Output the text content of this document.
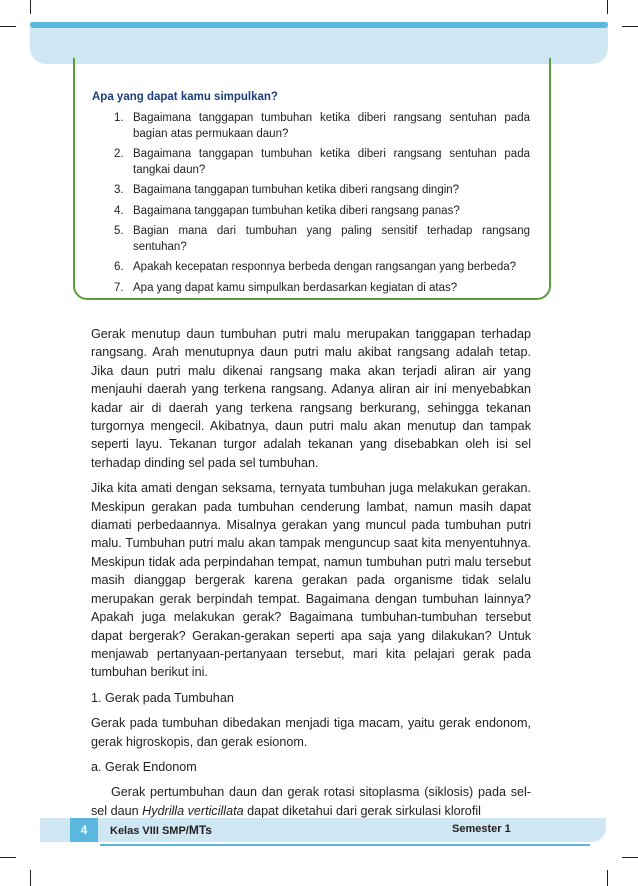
Apa yang dapat kamu simpulkan?
1. Bagaimana tanggapan tumbuhan ketika diberi rangsang sentuhan pada bagian atas permukaan daun?
2. Bagaimana tanggapan tumbuhan ketika diberi rangsang sentuhan pada tangkai daun?
3. Bagaimana tanggapan tumbuhan ketika diberi rangsang dingin?
4. Bagaimana tanggapan tumbuhan ketika diberi rangsang panas?
5. Bagian mana dari tumbuhan yang paling sensitif terhadap rangsang sentuhan?
6. Apakah kecepatan responnya berbeda dengan rangsangan yang berbeda?
7. Apa yang dapat kamu simpulkan berdasarkan kegiatan di atas?

Gerak menutup daun tumbuhan putri malu merupakan tanggapan terhadap rangsang. Arah menutupnya daun putri malu akibat rangsang adalah tetap. Jika daun putri malu dikenai rangsang maka akan terjadi aliran air yang menjauhi daerah yang terkena rangsang. Adanya aliran air ini menyebabkan kadar air di daerah yang terkena rangsang berkurang, sehingga tekanan turgornya mengecil. Akibatnya, daun putri malu akan menutup dan tampak seperti layu. Tekanan turgor adalah tekanan yang disebabkan oleh isi sel terhadap dinding sel pada sel tumbuhan.

Jika kita amati dengan seksama, ternyata tumbuhan juga melakukan gerakan. Meskipun gerakan pada tumbuhan cenderung lambat, namun masih dapat diamati perbedaannya. Misalnya gerakan yang muncul pada tumbuhan putri malu. Tumbuhan putri malu akan tampak menguncup saat kita menyentuhnya. Meskipun tidak ada perpindahan tempat, namun tumbuhan putri malu tersebut masih dianggap bergerak karena gerakan pada organisme tidak selalu merupakan gerak berpindah tempat. Bagaimana dengan tumbuhan lainnya? Apakah juga melakukan gerak? Bagaimana tumbuhan-tumbuhan tersebut dapat bergerak? Gerakan-gerakan seperti apa saja yang dilakukan? Untuk menjawab pertanyaan-pertanyaan tersebut, mari kita pelajari gerak pada tumbuhan berikut ini.

1. Gerak pada Tumbuhan

Gerak pada tumbuhan dibedakan menjadi tiga macam, yaitu gerak endonom, gerak higroskopis, dan gerak esionom.

a. Gerak Endonom

Gerak pertumbuhan daun dan gerak rotasi sitoplasma (siklosis) pada sel-sel daun Hydrilla verticillata dapat diketahui dari gerak sirkulasi klorofil

4	Kelas VIII SMP/MTs	Semester 1
